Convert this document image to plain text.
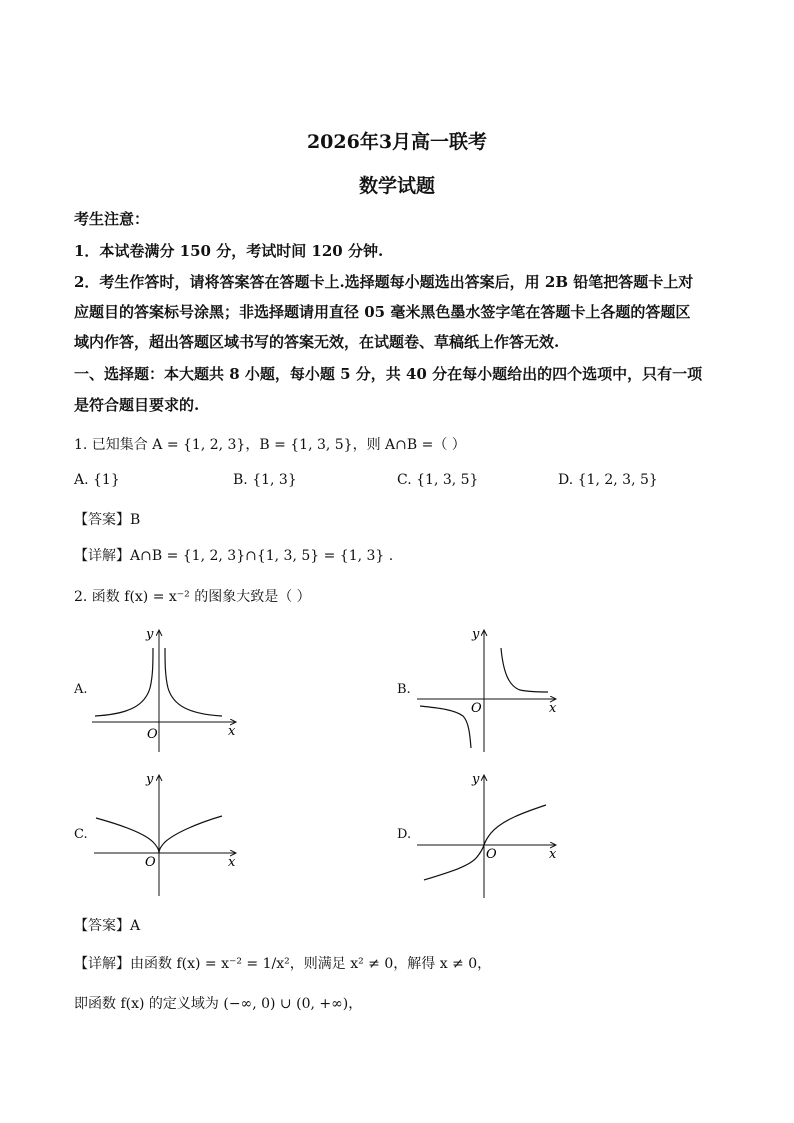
2026年3月高一联考
数学试题
考生注意：
1．本试卷满分 150 分，考试时间 120 分钟.
2．考生作答时，请将答案答在答题卡上.选择题每小题选出答案后，用 2B 铅笔把答题卡上对
应题目的答案标号涂黑；非选择题请用直径 05 毫米黑色墨水签字笔在答题卡上各题的答题区
域内作答，超出答题区域书写的答案无效，在试题卷、草稿纸上作答无效.
一、选择题：本大题共 8 小题，每小题 5 分，共 40 分在每小题给出的四个选项中，只有一项
是符合题目要求的.
1. 已知集合 A = {1, 2, 3}，B = {1, 3, 5}，则 A∩B =（ ）
A. {1}	B. {1, 3}	C. {1, 3, 5}	D. {1, 2, 3, 5}
【答案】B
【详解】A∩B = {1, 2, 3}∩{1, 3, 5} = {1, 3} .
2. 函数 f(x) = x⁻² 的图象大致是（ ）
A.	B.
C.	D.
O	x
y
O	x
y
O	x
y
O	x
y
【答案】A
【详解】由函数 f(x) = x⁻² = 1/x²，则满足 x² ≠ 0，解得 x ≠ 0，
即函数 f(x) 的定义域为 (−∞, 0) ∪ (0, +∞)，
